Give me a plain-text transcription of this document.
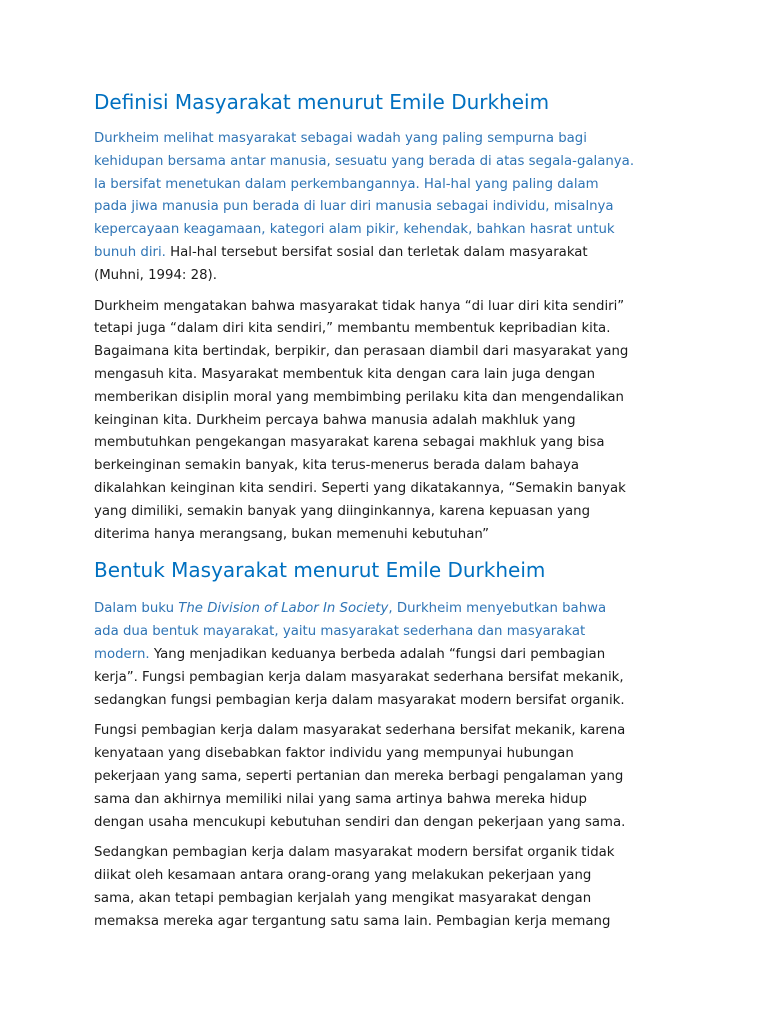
Definisi Masyarakat menurut Emile Durkheim
Durkheim melihat masyarakat sebagai wadah yang paling sempurna bagi
kehidupan bersama antar manusia, sesuatu yang berada di atas segala-galanya.
Ia bersifat menetukan dalam perkembangannya. Hal-hal yang paling dalam
pada jiwa manusia pun berada di luar diri manusia sebagai individu, misalnya
kepercayaan keagamaan, kategori alam pikir, kehendak, bahkan hasrat untuk
bunuh diri. Hal-hal tersebut bersifat sosial dan terletak dalam masyarakat
(Muhni, 1994: 28).
Durkheim mengatakan bahwa masyarakat tidak hanya “di luar diri kita sendiri”
tetapi juga “dalam diri kita sendiri,” membantu membentuk kepribadian kita.
Bagaimana kita bertindak, berpikir, dan perasaan diambil dari masyarakat yang
mengasuh kita. Masyarakat membentuk kita dengan cara lain juga dengan
memberikan disiplin moral yang membimbing perilaku kita dan mengendalikan
keinginan kita. Durkheim percaya bahwa manusia adalah makhluk yang
membutuhkan pengekangan masyarakat karena sebagai makhluk yang bisa
berkeinginan semakin banyak, kita terus-menerus berada dalam bahaya
dikalahkan keinginan kita sendiri. Seperti yang dikatakannya, “Semakin banyak
yang dimiliki, semakin banyak yang diinginkannya, karena kepuasan yang
diterima hanya merangsang, bukan memenuhi kebutuhan”
Bentuk Masyarakat menurut Emile Durkheim
Dalam buku The Division of Labor In Society, Durkheim menyebutkan bahwa
ada dua bentuk mayarakat, yaitu masyarakat sederhana dan masyarakat
modern. Yang menjadikan keduanya berbeda adalah “fungsi dari pembagian
kerja”. Fungsi pembagian kerja dalam masyarakat sederhana bersifat mekanik,
sedangkan fungsi pembagian kerja dalam masyarakat modern bersifat organik.
Fungsi pembagian kerja dalam masyarakat sederhana bersifat mekanik, karena
kenyataan yang disebabkan faktor individu yang mempunyai hubungan
pekerjaan yang sama, seperti pertanian dan mereka berbagi pengalaman yang
sama dan akhirnya memiliki nilai yang sama artinya bahwa mereka hidup
dengan usaha mencukupi kebutuhan sendiri dan dengan pekerjaan yang sama.
Sedangkan pembagian kerja dalam masyarakat modern bersifat organik tidak
diikat oleh kesamaan antara orang-orang yang melakukan pekerjaan yang
sama, akan tetapi pembagian kerjalah yang mengikat masyarakat dengan
memaksa mereka agar tergantung satu sama lain. Pembagian kerja memang
